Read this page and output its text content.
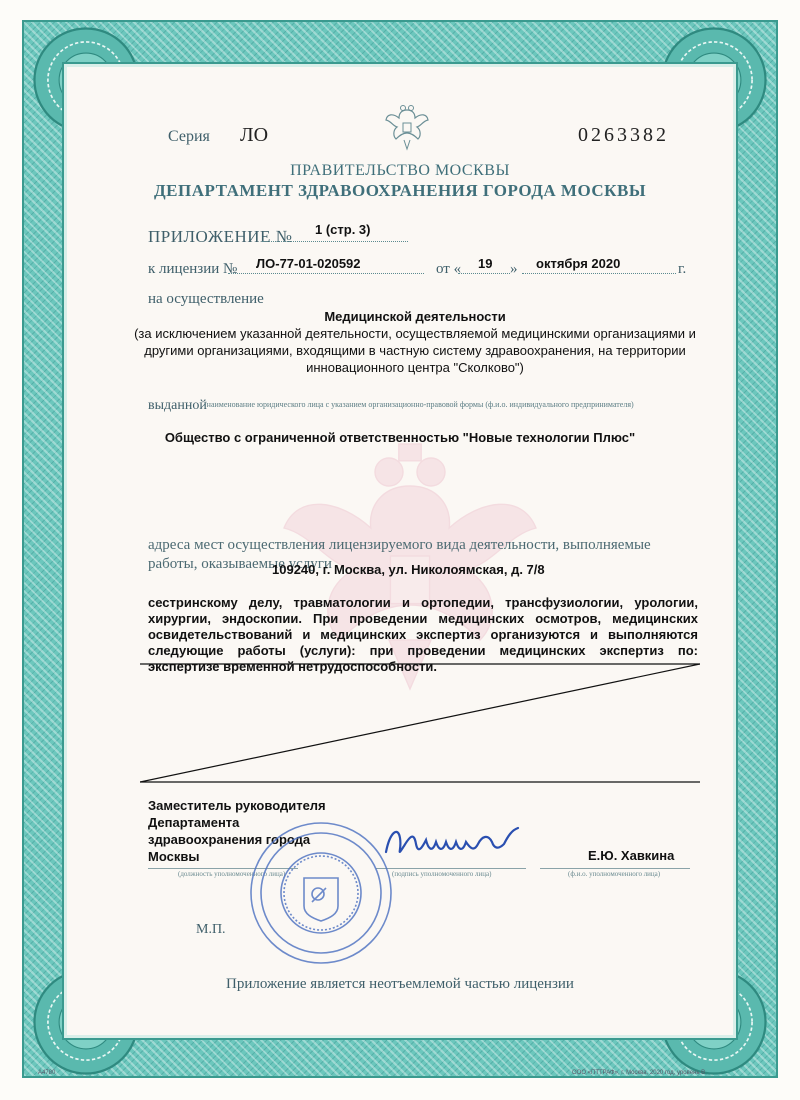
Серия ЛО	0263382
ПРАВИТЕЛЬСТВО МОСКВЫ
ДЕПАРТАМЕНТ ЗДРАВООХРАНЕНИЯ ГОРОДА МОСКВЫ
ПРИЛОЖЕНИЕ № 1 (стр. 3)
к лицензии № ЛО-77-01-020592	от « 19 » октября 2020	г.
на осуществление
Медицинской деятельности
(за исключением указанной деятельности, осуществляемой медицинскими организациями и другими организациями, входящими в частную систему здравоохранения, на территории инновационного центра "Сколково")
выданной
(наименование юридического лица с указанием организационно-правовой формы (ф.и.о. индивидуального предпринимателя)
Общество с ограниченной ответственностью "Новые технологии Плюс"
адреса мест осуществления лицензируемого вида деятельности, выполняемые работы, оказываемые услуги
109240, г. Москва, ул. Николоямская, д. 7/8
сестринскому делу, травматологии и ортопедии, трансфузиологии, урологии, хирургии, эндоскопии. При проведении медицинских осмотров, медицинских освидетельствований и медицинских экспертиз организуются и выполняются следующие работы (услуги): при проведении медицинских экспертиз по: экспертизе временной нетрудоспособности.
Заместитель руководителя
Департамента
здравоохранения города
Москвы	Е.Ю. Хавкина
(должность уполномоченного лица)	(подпись уполномоченного лица)	(ф.и.о. уполномоченного лица)
М.П.
Приложение является неотъемлемой частью лицензии
А4780	ООО «ПТТРАФ», г. Москва, 2020 год, уровень В
